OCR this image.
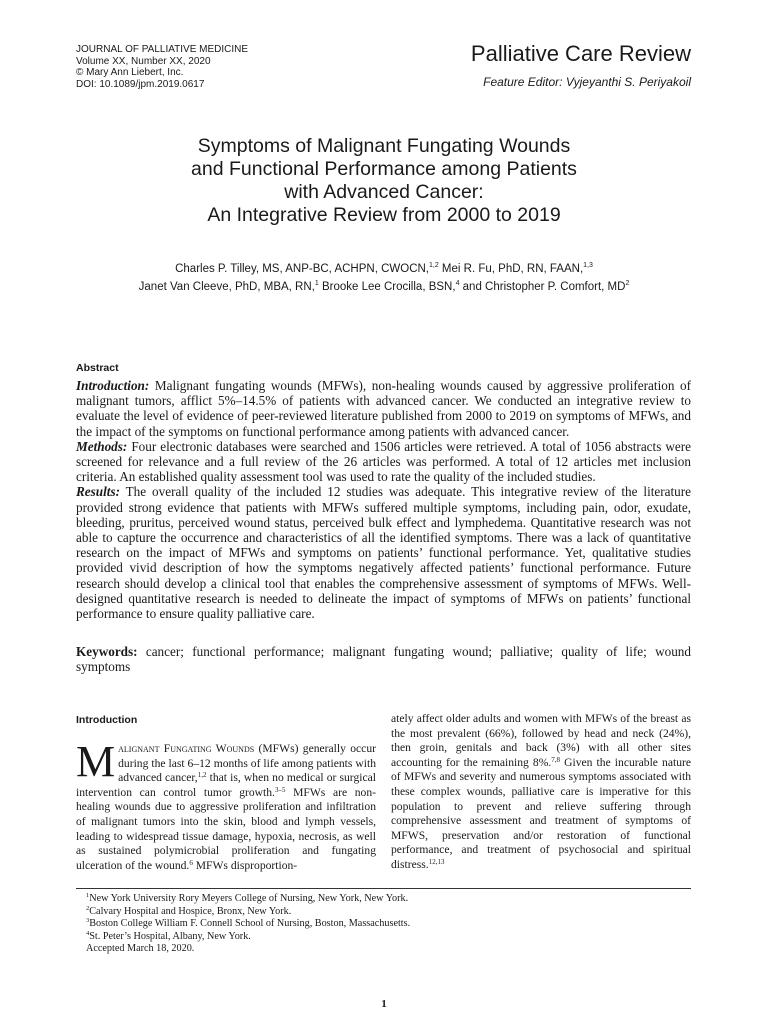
JOURNAL OF PALLIATIVE MEDICINE
Volume XX, Number XX, 2020
© Mary Ann Liebert, Inc.
DOI: 10.1089/jpm.2019.0617
Palliative Care Review
Feature Editor: Vyjeyanthi S. Periyakoil
Symptoms of Malignant Fungating Wounds
and Functional Performance among Patients
with Advanced Cancer:
An Integrative Review from 2000 to 2019
Charles P. Tilley, MS, ANP-BC, ACHPN, CWOCN,$^{1,2}$ Mei R. Fu, PhD, RN, FAAN,$^{1,3}$
Janet Van Cleeve, PhD, MBA, RN,$^1$ Brooke Lee Crocilla, BSN,$^4$ and Christopher P. Comfort, $MD^2$
Abstract

Introduction: Malignant fungating wounds (MFWs), non-healing wounds caused by aggressive proliferation of malignant tumors, afflict 5%–14.5% of patients with advanced cancer. We conducted an integrative review to evaluate the level of evidence of peer-reviewed literature published from 2000 to 2019 on symptoms of MFWs, and the impact of the symptoms on functional performance among patients with advanced cancer.

Methods: Four electronic databases were searched and 1506 articles were retrieved. A total of 1056 abstracts were screened for relevance and a full review of the 26 articles was performed. A total of 12 articles met inclusion criteria. An established quality assessment tool was used to rate the quality of the included studies.

Results: The overall quality of the included 12 studies was adequate. This integrative review of the literature provided strong evidence that patients with MFWs suffered multiple symptoms, including pain, odor, exudate, bleeding, pruritus, perceived wound status, perceived bulk effect and lymphedema. Quantitative research was not able to capture the occurrence and characteristics of all the identified symptoms. There was a lack of quantitative research on the impact of MFWs and symptoms on patients’ functional performance. Yet, qualitative studies provided vivid description of how the symptoms negatively affected patients’ functional performance. Future research should develop a clinical tool that enables the comprehensive assessment of symptoms of MFWs. Well-designed quantitative research is needed to delineate the impact of symptoms of MFWs on patients’ functional performance to ensure quality palliative care.

Keywords: cancer; functional performance; malignant fungating wound; palliative; quality of life; wound symptoms
Introduction
Malignant Fungating Wounds (MFWs) generally occur during the last 6–12 months of life among patients with advanced cancer,$^{1,2}$ that is, when no medical or surgical intervention can control tumor growth.$^{3-5}$ MFWs are non-healing wounds due to aggressive proliferation and infiltration of malignant tumors into the skin, blood and lymph vessels, leading to widespread tissue damage, hypoxia, necrosis, as well as sustained polymicrobial proliferation and fungating ulceration of the wound.$^6$ MFWs disproportion-
ately affect older adults and women with MFWs of the breast as the most prevalent (66%), followed by head and neck (24%), then groin, genitals and back (3%) with all other sites accounting for the remaining 8%.$^{7,8}$ Given the incurable nature of MFWs and severity and numerous symptoms associated with these complex wounds, palliative care is imperative for this population to prevent and relieve suffering through comprehensive assessment and treatment of symptoms of MFWS, preservation and/or restoration of functional performance, and treatment of psychosocial and spiritual distress.$^{12,13}$
$^1$New York University Rory Meyers College of Nursing, New York, New York.
$^2$Calvary Hospital and Hospice, Bronx, New York.
$^3$Boston College William F. Connell School of Nursing, Boston, Massachusetts.
$^4$St. Peter’s Hospital, Albany, New York.
Accepted March 18, 2020.
1
